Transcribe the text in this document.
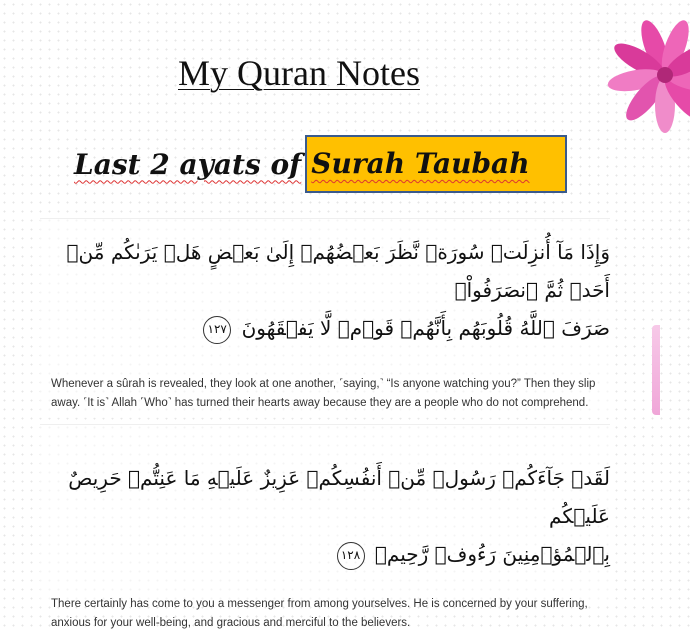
My Quran Notes
Last 2 ayats of Surah Taubah
وَإِذَا مَآ أُنزِلَتۡ سُورَةٞ نَّظَرَ بَعۡضُهُمۡ إِلَىٰ بَعۡضٍ هَلۡ يَرَىٰكُم مِّنۡ أَحَدٖ ثُمَّ ٱنصَرَفُواْۚ
صَرَفَ ٱللَّهُ قُلُوبَهُم بِأَنَّهُمۡ قَوۡمٞ لَّا يَفۡقَهُونَ ١٢٧
Whenever a sûrah is revealed, they look at one another, ˹saying,˺ “Is anyone watching you?” Then they slip away. ˹It is˺ Allah ˹Who˺ has turned their hearts away because they are a people who do not comprehend.
لَقَدۡ جَآءَكُمۡ رَسُولٞ مِّنۡ أَنفُسِكُمۡ عَزِيزٌ عَلَيۡهِ مَا عَنِتُّمۡ حَرِيصٌ عَلَيۡكُم
بِٱلۡمُؤۡمِنِينَ رَءُوفٞ رَّحِيمٞ ١٢٨
There certainly has come to you a messenger from among yourselves. He is concerned by your suffering, anxious for your well-being, and gracious and merciful to the believers.
